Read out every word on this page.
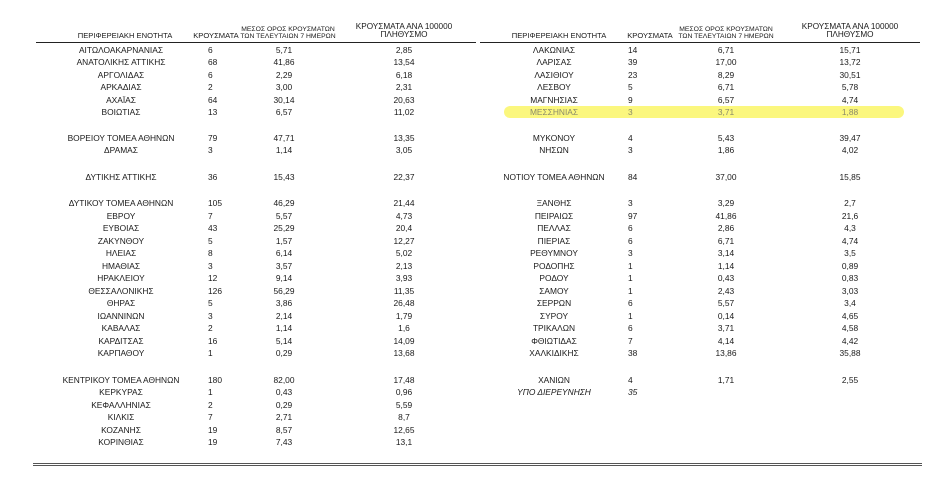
ΠΕΡΙΦΕΡΕΙΑΚΗ ΕΝΟΤΗΤΑ	ΚΡΟΥΣΜΑΤΑ
ΜΕΣΟΣ ΟΡΟΣ ΚΡΟΥΣΜΑΤΩΝ
ΤΩΝ ΤΕΛΕΥΤΑΙΩΝ 7 ΗΜΕΡΩΝ
ΚΡΟΥΣΜΑΤΑ ΑΝΑ 100000
ΠΛΗΘΥΣΜΟ
ΑΙΤΩΛΟΑΚΑΡΝΑΝΙΑΣ	6	5,71	2,85
ΑΝΑΤΟΛΙΚΗΣ ΑΤΤΙΚΗΣ	68	41,86	13,54
ΑΡΓΟΛΙΔΑΣ	6	2,29	6,18
ΑΡΚΑΔΙΑΣ	2	3,00	2,31
ΑΧΑΪΑΣ	64	30,14	20,63
ΒΟΙΩΤΙΑΣ	13	6,57	11,02
ΒΟΡΕΙΟΥ ΤΟΜΕΑ ΑΘΗΝΩΝ	79	47,71	13,35
ΔΡΑΜΑΣ	3	1,14	3,05
ΔΥΤΙΚΗΣ ΑΤΤΙΚΗΣ	36	15,43	22,37
ΔΥΤΙΚΟΥ ΤΟΜΕΑ ΑΘΗΝΩΝ	105	46,29	21,44
ΕΒΡΟΥ	7	5,57	4,73
ΕΥΒΟΙΑΣ	43	25,29	20,4
ΖΑΚΥΝΘΟΥ	5	1,57	12,27
ΗΛΕΙΑΣ	8	6,14	5,02
ΗΜΑΘΙΑΣ	3	3,57	2,13
ΗΡΑΚΛΕΙΟΥ	12	9,14	3,93
ΘΕΣΣΑΛΟΝΙΚΗΣ	126	56,29	11,35
ΘΗΡΑΣ	5	3,86	26,48
ΙΩΑΝΝΙΝΩΝ	3	2,14	1,79
ΚΑΒΑΛΑΣ	2	1,14	1,6
ΚΑΡΔΙΤΣΑΣ	16	5,14	14,09
ΚΑΡΠΑΘΟΥ	1	0,29	13,68
ΚΕΝΤΡΙΚΟΥ ΤΟΜΕΑ ΑΘΗΝΩΝ	180	82,00	17,48
ΚΕΡΚΥΡΑΣ	1	0,43	0,96
ΚΕΦΑΛΛΗΝΙΑΣ	2	0,29	5,59
ΚΙΛΚΙΣ	7	2,71	8,7
ΚΟΖΑΝΗΣ	19	8,57	12,65
ΚΟΡΙΝΘΙΑΣ	19	7,43	13,1
ΠΕΡΙΦΕΡΕΙΑΚΗ ΕΝΟΤΗΤΑ	ΚΡΟΥΣΜΑΤΑ
ΜΕΣΟΣ ΟΡΟΣ ΚΡΟΥΣΜΑΤΩΝ
ΤΩΝ ΤΕΛΕΥΤΑΙΩΝ 7 ΗΜΕΡΩΝ
ΚΡΟΥΣΜΑΤΑ ΑΝΑ 100000
ΠΛΗΘΥΣΜΟ
ΛΑΚΩΝΙΑΣ	14	6,71	15,71
ΛΑΡΙΣΑΣ	39	17,00	13,72
ΛΑΣΙΘΙΟΥ	23	8,29	30,51
ΛΕΣΒΟΥ	5	6,71	5,78
ΜΑΓΝΗΣΙΑΣ	9	6,57	4,74
ΜΕΣΣΗΝΙΑΣ	3	3,71	1,88
ΜΥΚΟΝΟΥ	4	5,43	39,47
ΝΗΣΩΝ	3	1,86	4,02
ΝΟΤΙΟΥ ΤΟΜΕΑ ΑΘΗΝΩΝ	84	37,00	15,85
ΞΑΝΘΗΣ	3	3,29	2,7
ΠΕΙΡΑΙΩΣ	97	41,86	21,6
ΠΕΛΛΑΣ	6	2,86	4,3
ΠΙΕΡΙΑΣ	6	6,71	4,74
ΡΕΘΥΜΝΟΥ	3	3,14	3,5
ΡΟΔΟΠΗΣ	1	1,14	0,89
ΡΟΔΟΥ	1	0,43	0,83
ΣΑΜΟΥ	1	2,43	3,03
ΣΕΡΡΩΝ	6	5,57	3,4
ΣΥΡΟΥ	1	0,14	4,65
ΤΡΙΚΑΛΩΝ	6	3,71	4,58
ΦΘΙΩΤΙΔΑΣ	7	4,14	4,42
ΧΑΛΚΙΔΙΚΗΣ	38	13,86	35,88
ΧΑΝΙΩΝ	4	1,71	2,55
ΥΠΟ ΔΙΕΡΕΥΝΗΣΗ	35
